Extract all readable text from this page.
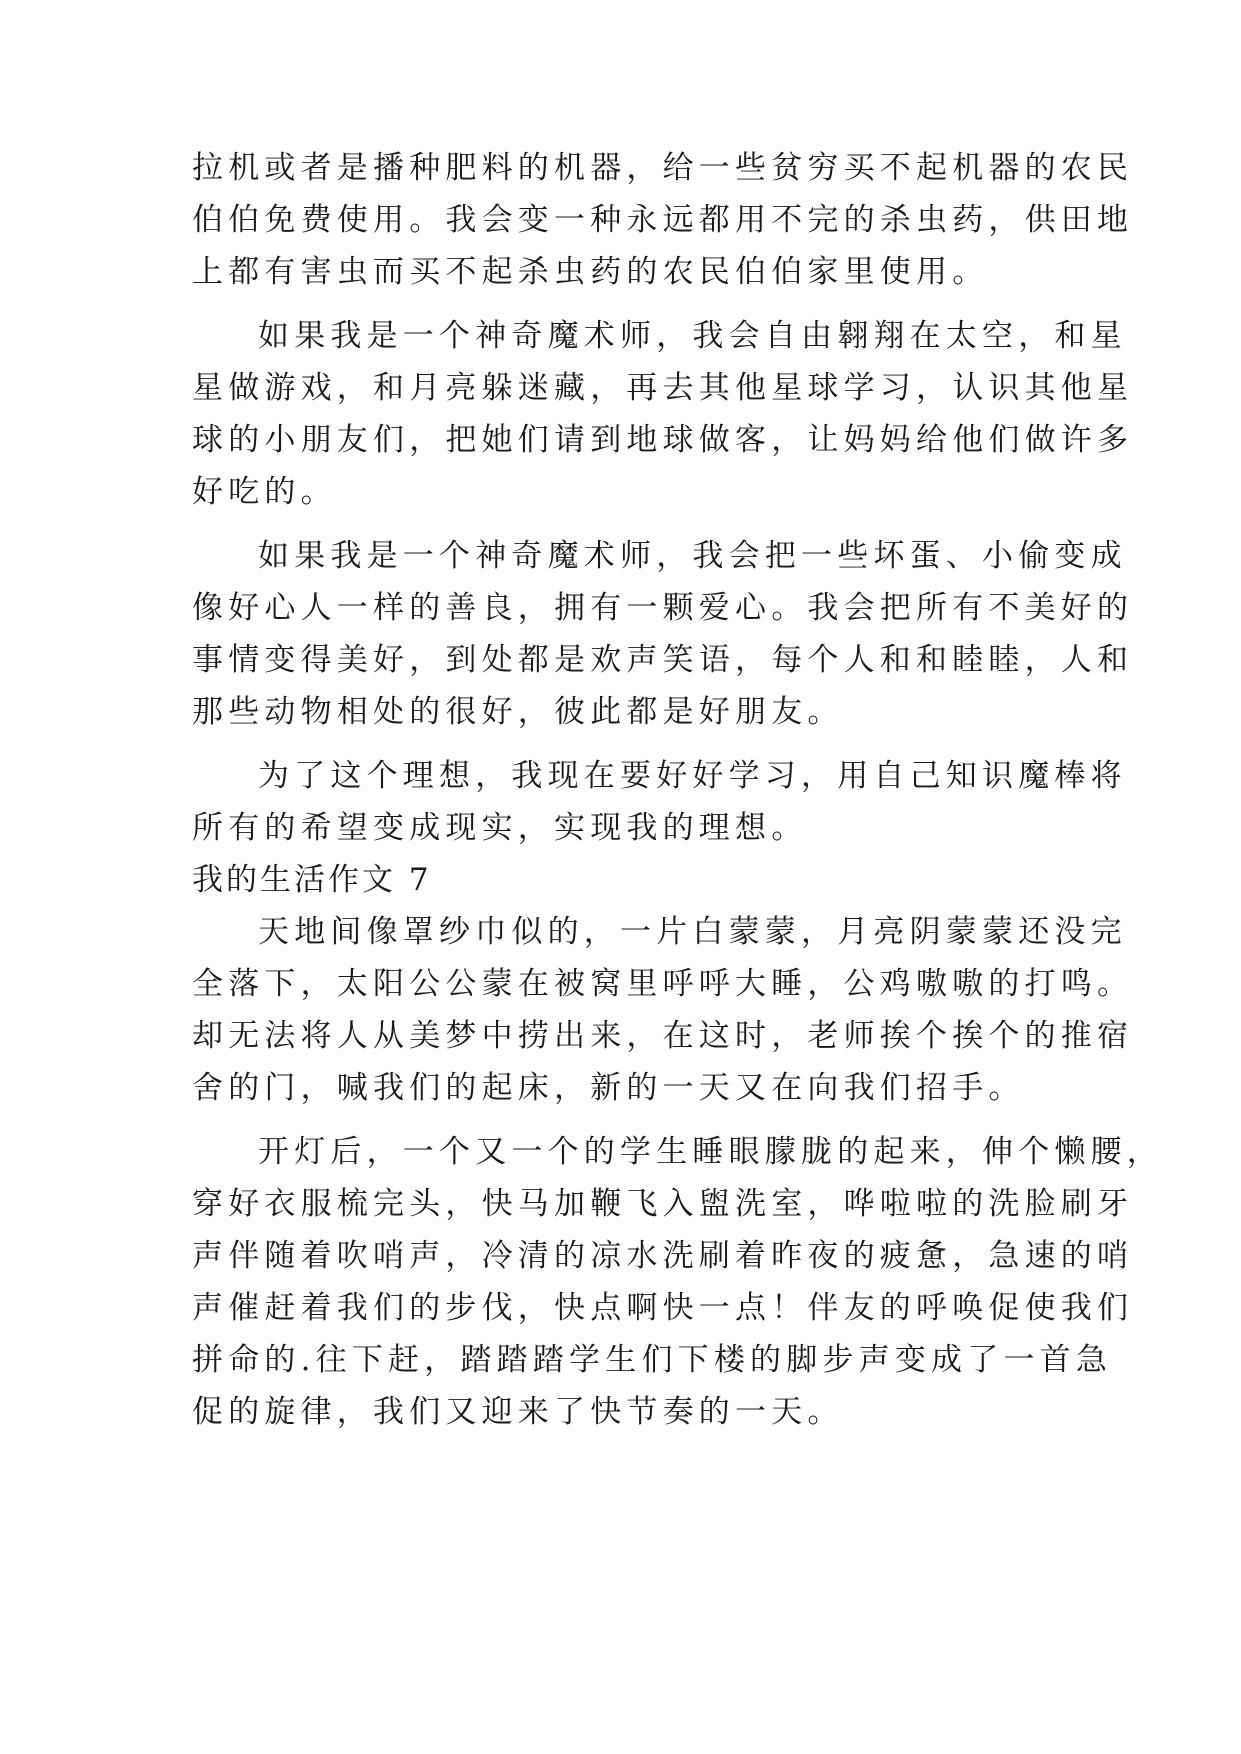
拉机或者是播种肥料的机器，给一些贫穷买不起机器的农民
伯伯免费使用。我会变一种永远都用不完的杀虫药，供田地
上都有害虫而买不起杀虫药的农民伯伯家里使用。
如果我是一个神奇魔术师，我会自由翱翔在太空，和星
星做游戏，和月亮躲迷藏，再去其他星球学习，认识其他星
球的小朋友们，把她们请到地球做客，让妈妈给他们做许多
好吃的。
如果我是一个神奇魔术师，我会把一些坏蛋、小偷变成
像好心人一样的善良，拥有一颗爱心。我会把所有不美好的
事情变得美好，到处都是欢声笑语，每个人和和睦睦，人和
那些动物相处的很好，彼此都是好朋友。
为了这个理想，我现在要好好学习，用自己知识魔棒将
所有的希望变成现实，实现我的理想。
我的生活作文 7
天地间像罩纱巾似的，一片白蒙蒙，月亮阴蒙蒙还没完
全落下，太阳公公蒙在被窝里呼呼大睡，公鸡嗷嗷的打鸣。
却无法将人从美梦中捞出来，在这时，老师挨个挨个的推宿
舍的门，喊我们的起床，新的一天又在向我们招手。
开灯后，一个又一个的学生睡眼朦胧的起来，伸个懒腰，
穿好衣服梳完头，快马加鞭飞入盥洗室，哗啦啦的洗脸刷牙
声伴随着吹哨声，冷清的凉水洗刷着昨夜的疲惫，急速的哨
声催赶着我们的步伐，快点啊快一点！伴友的呼唤促使我们
拼命的.往下赶，踏踏踏学生们下楼的脚步声变成了一首急
促的旋律，我们又迎来了快节奏的一天。
